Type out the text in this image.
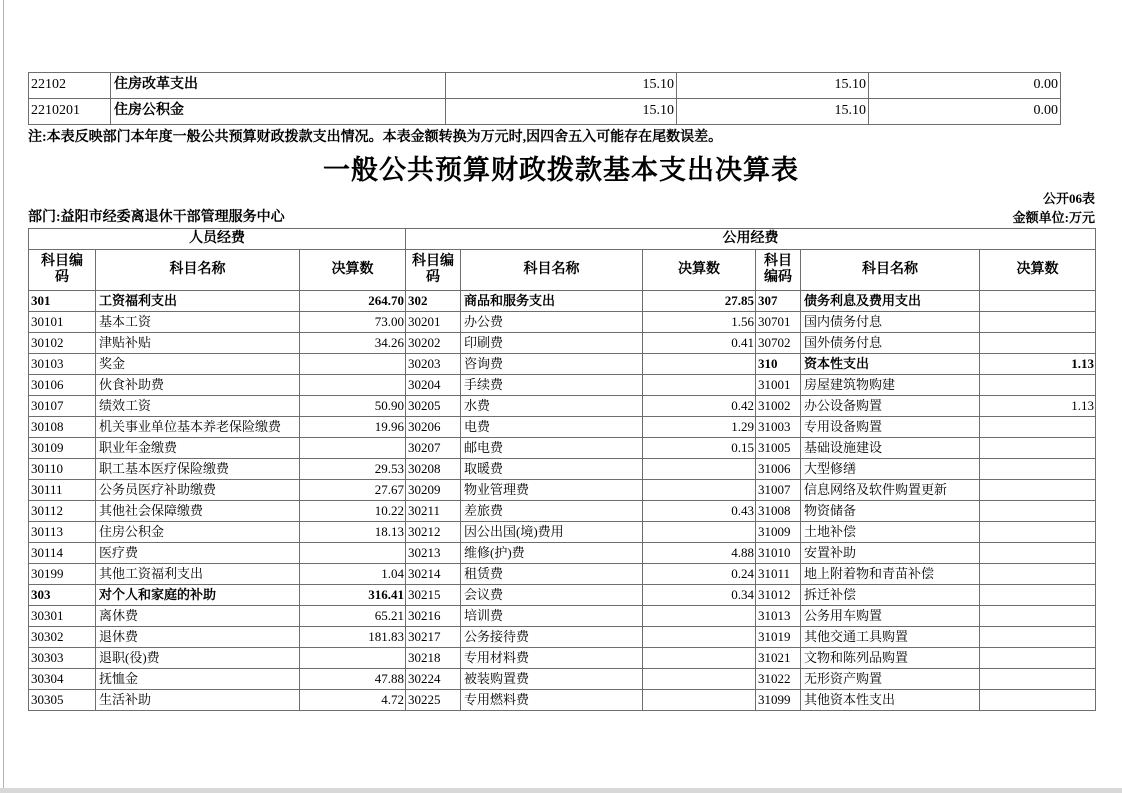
22102	住房改革支出	15.10	15.10	0.00
2210201	住房公积金	15.10	15.10	0.00
注:本表反映部门本年度一般公共预算财政拨款支出情况。本表金额转换为万元时,因四舍五入可能存在尾数误差。
一般公共预算财政拨款基本支出决算表
公开06表
部门:益阳市经委离退休干部管理服务中心	金额单位:万元
人员经费			公用经费					
科目编码	科目名称	决算数	科目编码	科目名称	决算数	科目编码	科目名称	决算数
301	工资福利支出	264.70	302	商品和服务支出	27.85	307	债务利息及费用支出	
30101	基本工资	73.00	30201	办公费	1.56	30701	国内债务付息	
30102	津贴补贴	34.26	30202	印刷费	0.41	30702	国外债务付息	
30103	奖金		30203	咨询费		310	资本性支出	1.13
30106	伙食补助费		30204	手续费		31001	房屋建筑物购建	
30107	绩效工资	50.90	30205	水费	0.42	31002	办公设备购置	1.13
30108	机关事业单位基本养老保险缴费	19.96	30206	电费	1.29	31003	专用设备购置	
30109	职业年金缴费		30207	邮电费	0.15	31005	基础设施建设	
30110	职工基本医疗保险缴费	29.53	30208	取暖费		31006	大型修缮	
30111	公务员医疗补助缴费	27.67	30209	物业管理费		31007	信息网络及软件购置更新	
30112	其他社会保障缴费	10.22	30211	差旅费	0.43	31008	物资储备	
30113	住房公积金	18.13	30212	因公出国(境)费用		31009	土地补偿	
30114	医疗费		30213	维修(护)费	4.88	31010	安置补助	
30199	其他工资福利支出	1.04	30214	租赁费	0.24	31011	地上附着物和青苗补偿	
303	对个人和家庭的补助	316.41	30215	会议费	0.34	31012	拆迁补偿	
30301	离休费	65.21	30216	培训费		31013	公务用车购置	
30302	退休费	181.83	30217	公务接待费		31019	其他交通工具购置	
30303	退职(役)费		30218	专用材料费		31021	文物和陈列品购置	
30304	抚恤金	47.88	30224	被装购置费		31022	无形资产购置	
30305	生活补助	4.72	30225	专用燃料费		31099	其他资本性支出	
